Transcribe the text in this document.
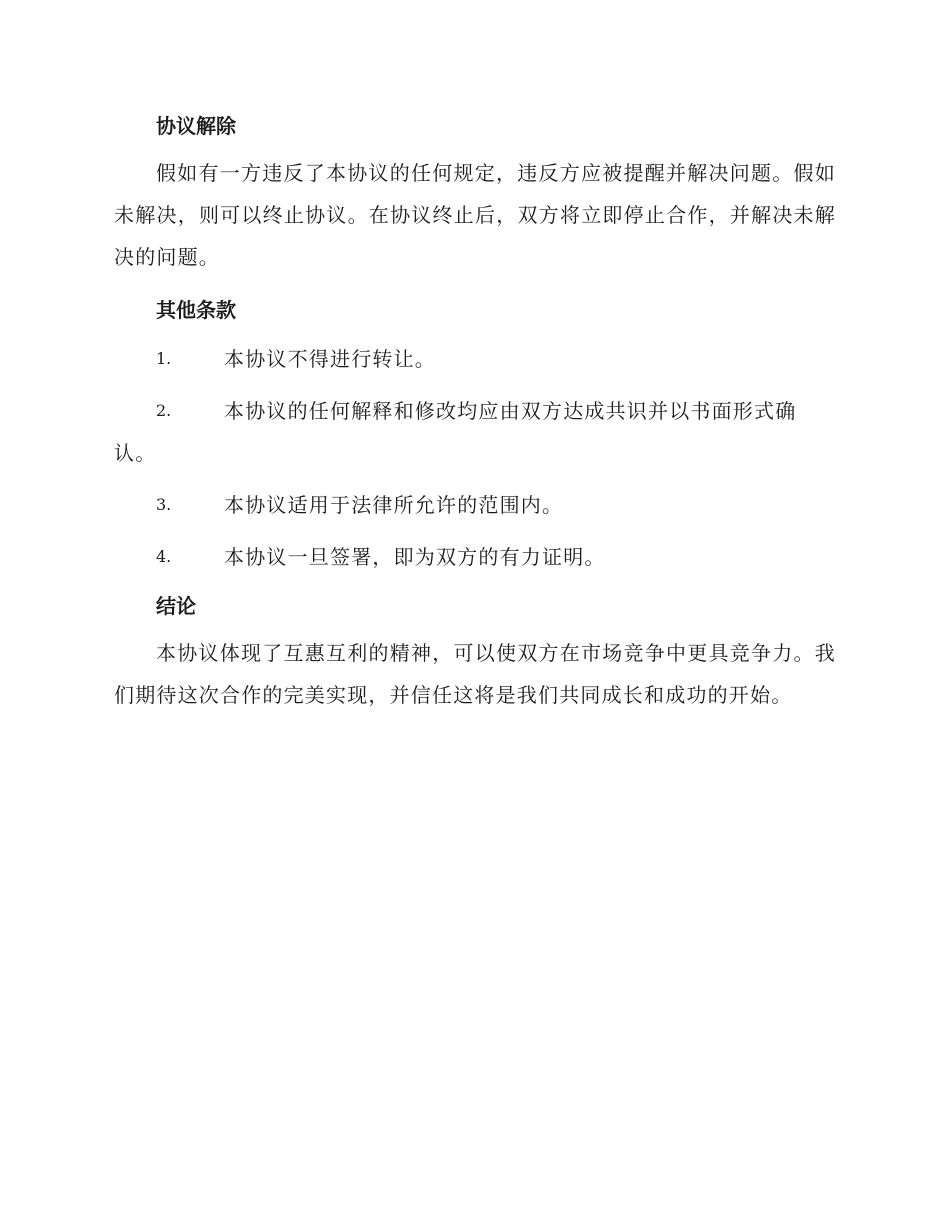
协议解除

假如有一方违反了本协议的任何规定，违反方应被提醒并解决问题。假如未解决，则可以终止协议。在协议终止后，双方将立即停止合作，并解决未解决的问题。

其他条款
1.	本协议不得进行转让。
2.	本协议的任何解释和修改均应由双方达成共识并以书面形式确认。
3.	本协议适用于法律所允许的范围内。
4.	本协议一旦签署，即为双方的有力证明。
结论

本协议体现了互惠互利的精神，可以使双方在市场竞争中更具竞争力。我们期待这次合作的完美实现，并信任这将是我们共同成长和成功的开始。
